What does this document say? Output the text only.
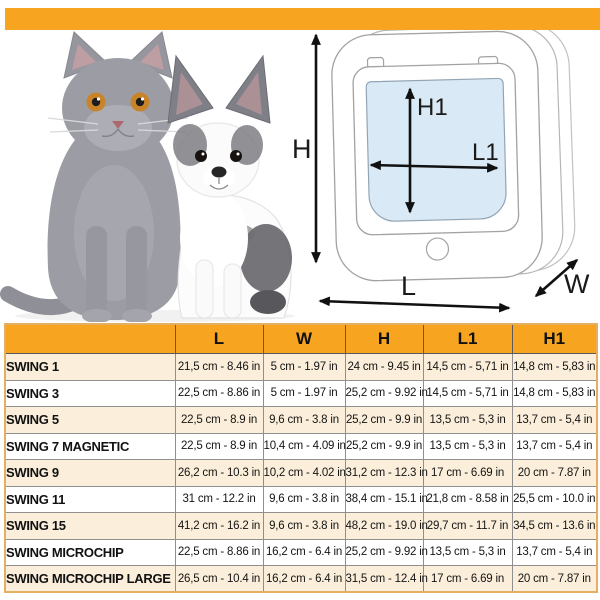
H
H1
L1
L	W
	L	W	H	L1	H1
SWING 1	21,5 cm - 8.46 in	5 cm - 1.97 in	24 cm - 9.45 in	14,5 cm - 5,71 in	14,8 cm - 5,83 in
SWING 3	22,5 cm - 8.86 in	5 cm - 1.97 in	25,2 cm - 9.92 in	14,5 cm - 5,71 in	14,8 cm - 5,83 in
SWING 5	22,5 cm - 8.9 in	9,6 cm - 3.8 in	25,2 cm - 9.9 in	13,5 cm - 5,3 in	13,7 cm - 5,4 in
SWING 7 MAGNETIC	22,5 cm - 8.9 in	10,4 cm - 4.09 in	25,2 cm - 9.9 in	13,5 cm - 5,3 in	13,7 cm - 5,4 in
SWING 9	26,2 cm - 10.3 in	10,2 cm - 4.02 in	31,2 cm - 12.3 in	17 cm - 6.69 in	20 cm - 7.87 in
SWING 11	31 cm - 12.2 in	9,6 cm - 3.8 in	38,4 cm - 15.1 in	21,8 cm - 8.58 in	25,5 cm - 10.0 in
SWING 15	41,2 cm - 16.2 in	9,6 cm - 3.8 in	48,2 cm - 19.0 in	29,7 cm - 11.7 in	34,5 cm - 13.6 in
SWING MICROCHIP	22,5 cm - 8.86 in	16,2 cm - 6.4 in	25,2 cm - 9.92 in	13,5 cm - 5,3 in	13,7 cm - 5,4 in
SWING MICROCHIP LARGE	26,5 cm - 10.4 in	16,2 cm - 6.4 in	31,5 cm - 12.4 in	17 cm - 6.69 in	20 cm - 7.87 in
